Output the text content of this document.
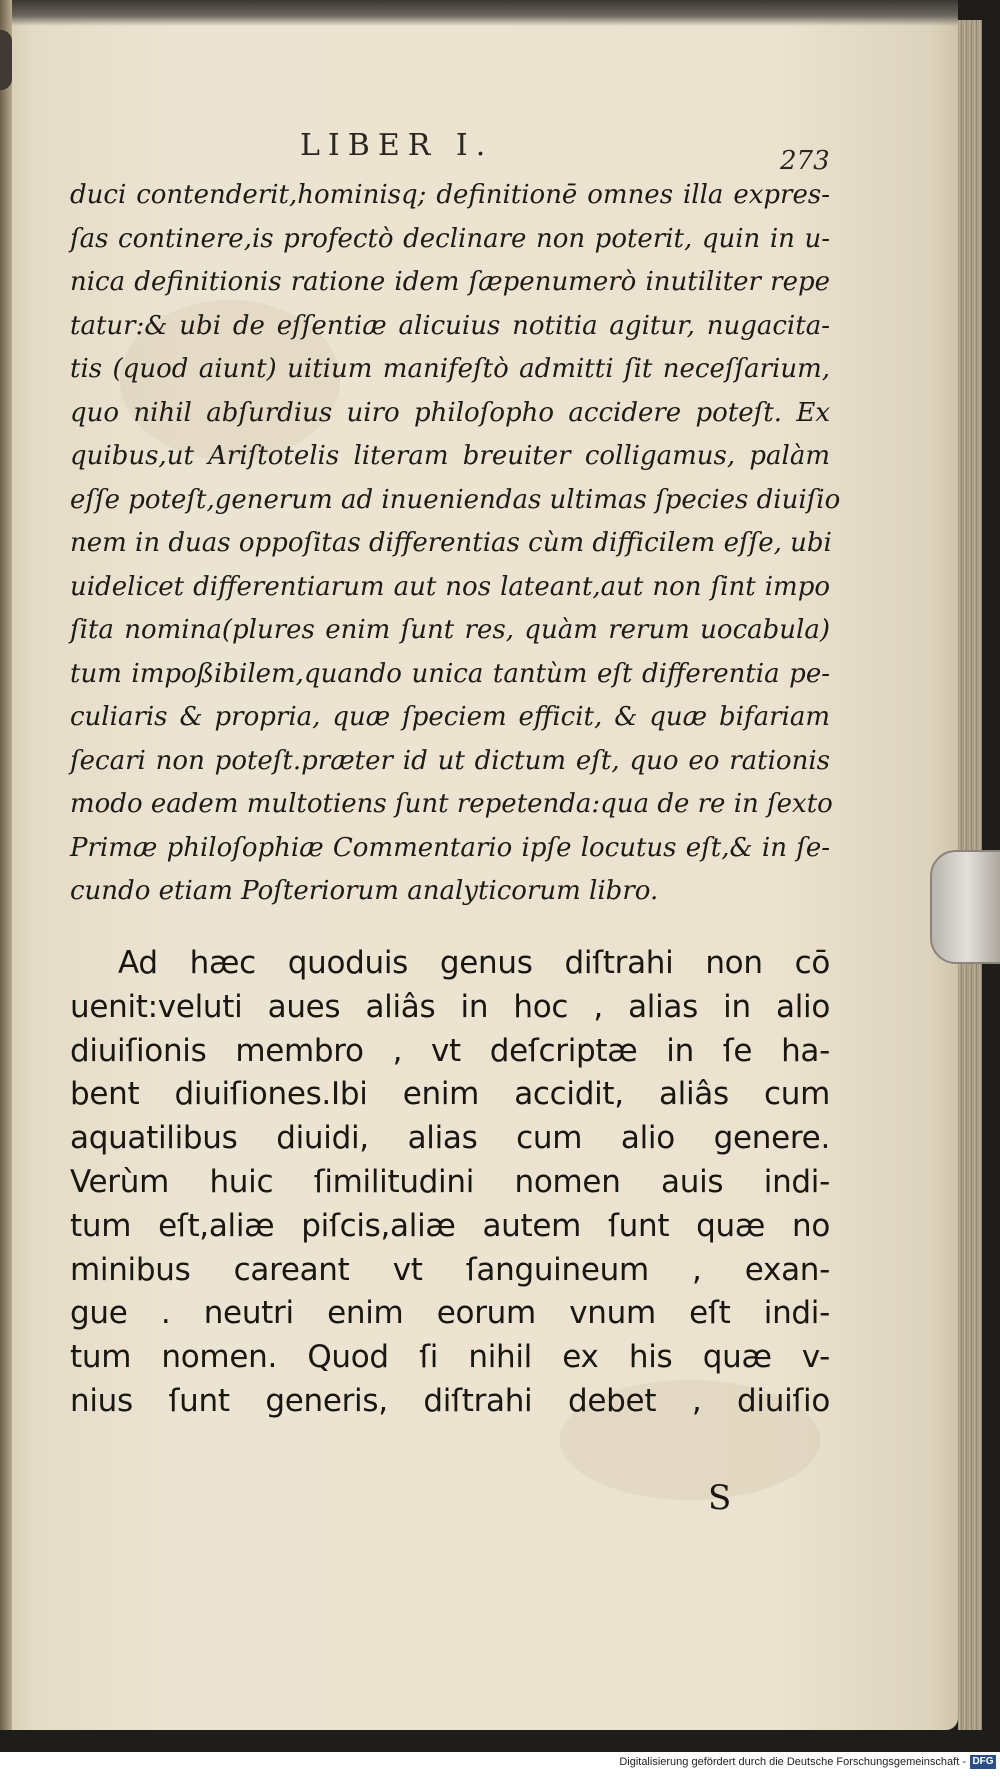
LIBER I.	273
duci contenderit,hominisq; definitionē omnes illa expres-
ſas continere,is profectò declinare non poterit, quin in u-
nica definitionis ratione idem ſæpenumerò inutiliter repe
tatur:& ubi de eſſentiæ alicuius notitia agitur, nugacita-
tis (quod aiunt) uitium manifeſtò admitti ſit neceſſarium,
quo nihil abſurdius uiro philoſopho accidere poteſt. Ex
quibus,ut Ariſtotelis literam breuiter colligamus, palàm
eſſe poteſt,generum ad inueniendas ultimas ſpecies diuiſio
nem in duas oppoſitas differentias cùm difficilem eſſe, ubi
uidelicet differentiarum aut nos lateant,aut non ſint impo
ſita nomina(plures enim ſunt res, quàm rerum uocabula)
tum impoßibilem,quando unica tantùm eſt differentia pe-
culiaris & propria, quæ ſpeciem efficit, & quæ bifariam
ſecari non poteſt.præter id ut dictum eſt, quo eo rationis
modo eadem multotiens ſunt repetenda:qua de re in ſexto
Primæ philoſophiæ Commentario ipſe locutus eſt,& in ſe-
cundo etiam Poſteriorum analyticorum libro.
Ad hæc quoduis genus diſtrahi non cō
uenit:veluti aues aliâs in hoc , alias in alio
diuiſionis membro , vt deſcriptæ in ſe ha-
bent diuiſiones.Ibi enim accidit, aliâs cum
aquatilibus diuidi, alias cum alio genere.
Verùm huic ſimilitudini nomen auis indi-
tum eſt,aliæ piſcis,aliæ autem ſunt quæ no
minibus careant vt ſanguineum , exan-
gue . neutri enim eorum vnum eſt indi-
tum nomen. Quod ſi nihil ex his quæ v-
nius ſunt generis, diſtrahi debet , diuiſio
S
Digitalisierung gefördert durch die Deutsche Forschungsgemeinschaft - DFG
